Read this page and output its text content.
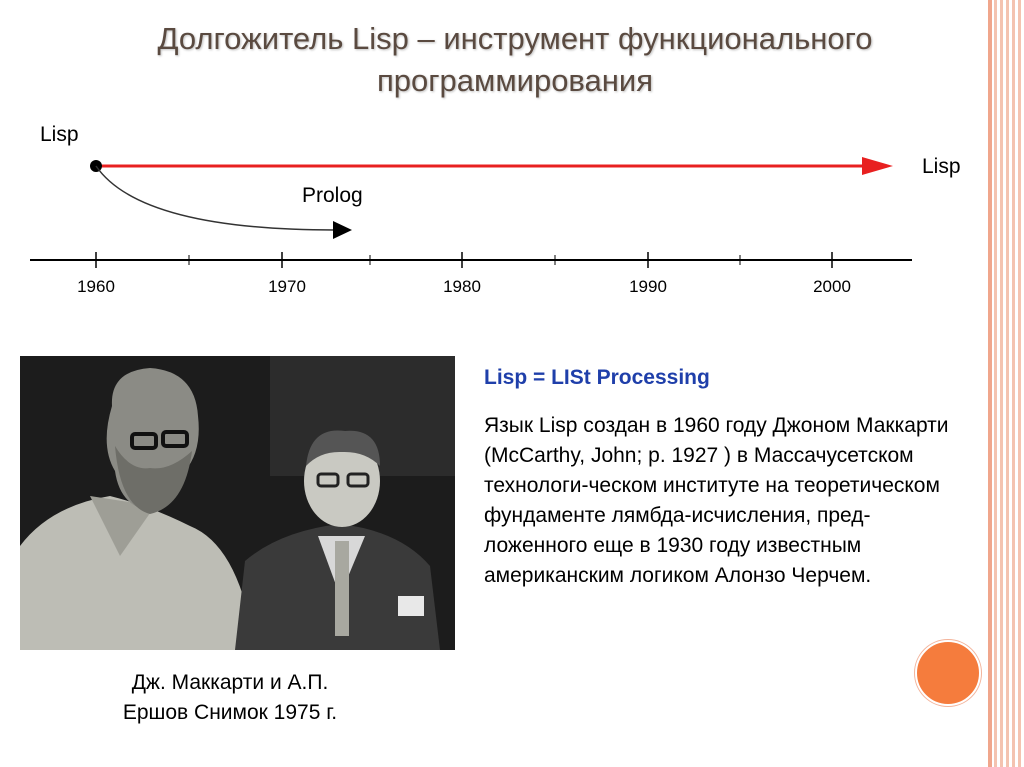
Долгожитель Lisp – инструмент функционального программирования
Lisp
Lisp
Prolog
1960	1970	1980	1990	2000
Дж. Маккарти и А.П.
Ершов Снимок 1975 г.
Lisp = LISt Processing
Язык Lisp создан в 1960 году Джоном Маккарти (McCarthy, John; р. 1927 ) в Массачусетском технологи-ческом институте на теоретическом фундаменте лямбда-исчисления, пред-ложенного еще в 1930 году известным американским логиком Алонзо Черчем.
